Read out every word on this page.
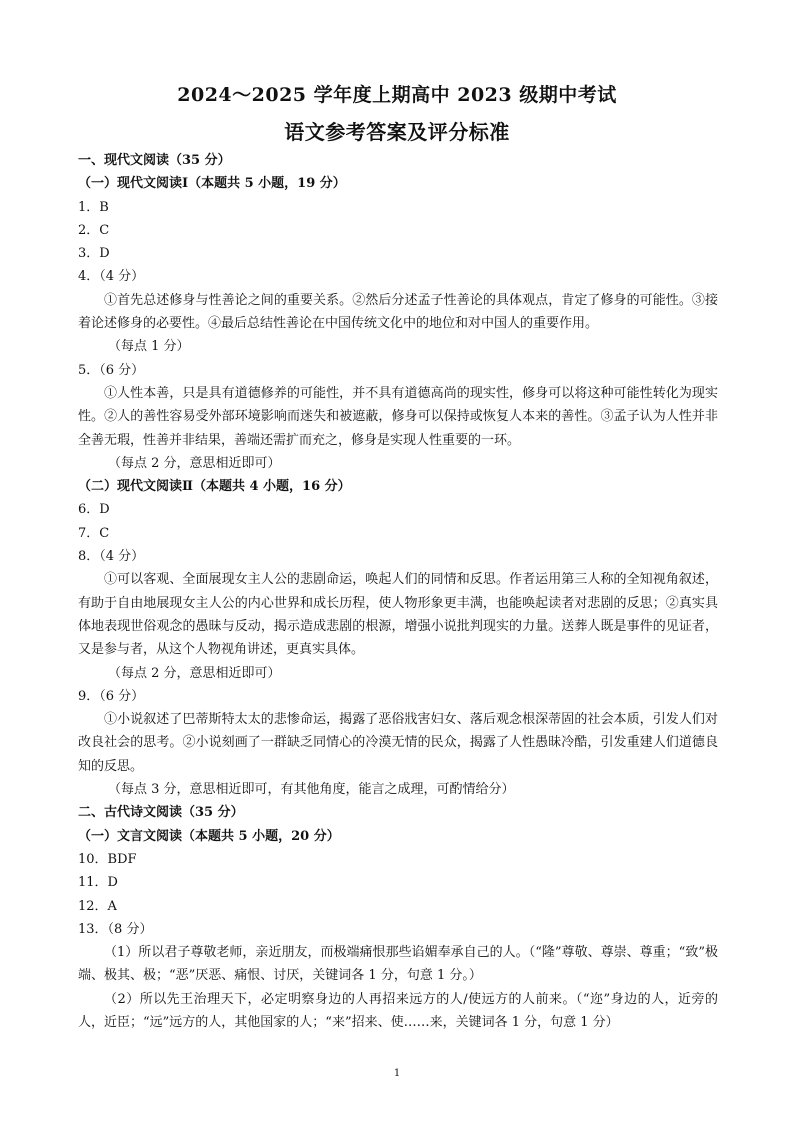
2024～2025 学年度上期高中 2023 级期中考试
语文参考答案及评分标准
一、现代文阅读（35 分）
（一）现代文阅读Ⅰ（本题共 5 小题，19 分）
1．B
2．C
3．D
4．（4 分）
①首先总述修身与性善论之间的重要关系。②然后分述孟子性善论的具体观点，肯定了修身的可能性。③接着论述修身的必要性。④最后总结性善论在中国传统文化中的地位和对中国人的重要作用。
（每点 1 分）
5．（6 分）
①人性本善，只是具有道德修养的可能性，并不具有道德高尚的现实性，修身可以将这种可能性转化为现实性。②人的善性容易受外部环境影响而迷失和被遮蔽，修身可以保持或恢复人本来的善性。③孟子认为人性并非全善无瑕，性善并非结果，善端还需扩而充之，修身是实现人性重要的一环。
（每点 2 分，意思相近即可）
（二）现代文阅读Ⅱ（本题共 4 小题，16 分）
6．D
7．C
8．（4 分）
①可以客观、全面展现女主人公的悲剧命运，唤起人们的同情和反思。作者运用第三人称的全知视角叙述，有助于自由地展现女主人公的内心世界和成长历程，使人物形象更丰满，也能唤起读者对悲剧的反思；②真实具体地表现世俗观念的愚昧与反动，揭示造成悲剧的根源，增强小说批判现实的力量。送葬人既是事件的见证者，又是参与者，从这个人物视角讲述，更真实具体。
（每点 2 分，意思相近即可）
9．（6 分）
①小说叙述了巴蒂斯特太太的悲惨命运，揭露了恶俗戕害妇女、落后观念根深蒂固的社会本质，引发人们对改良社会的思考。②小说刻画了一群缺乏同情心的冷漠无情的民众，揭露了人性愚昧冷酷，引发重建人们道德良知的反思。
（每点 3 分，意思相近即可，有其他角度，能言之成理，可酌情给分）
二、古代诗文阅读（35 分）
（一）文言文阅读（本题共 5 小题，20 分）
10．BDF
11．D
12．A
13．（8 分）
（1）所以君子尊敬老师，亲近朋友，而极端痛恨那些谄媚奉承自己的人。（“隆”尊敬、尊崇、尊重；“致”极端、极其、极；“恶”厌恶、痛恨、讨厌，关键词各 1 分，句意 1 分。）
（2）所以先王治理天下，必定明察身边的人再招来远方的人/使远方的人前来。（“迩”身边的人，近旁的人，近臣；“远”远方的人，其他国家的人；“来”招来、使……来，关键词各 1 分，句意 1 分）
1
